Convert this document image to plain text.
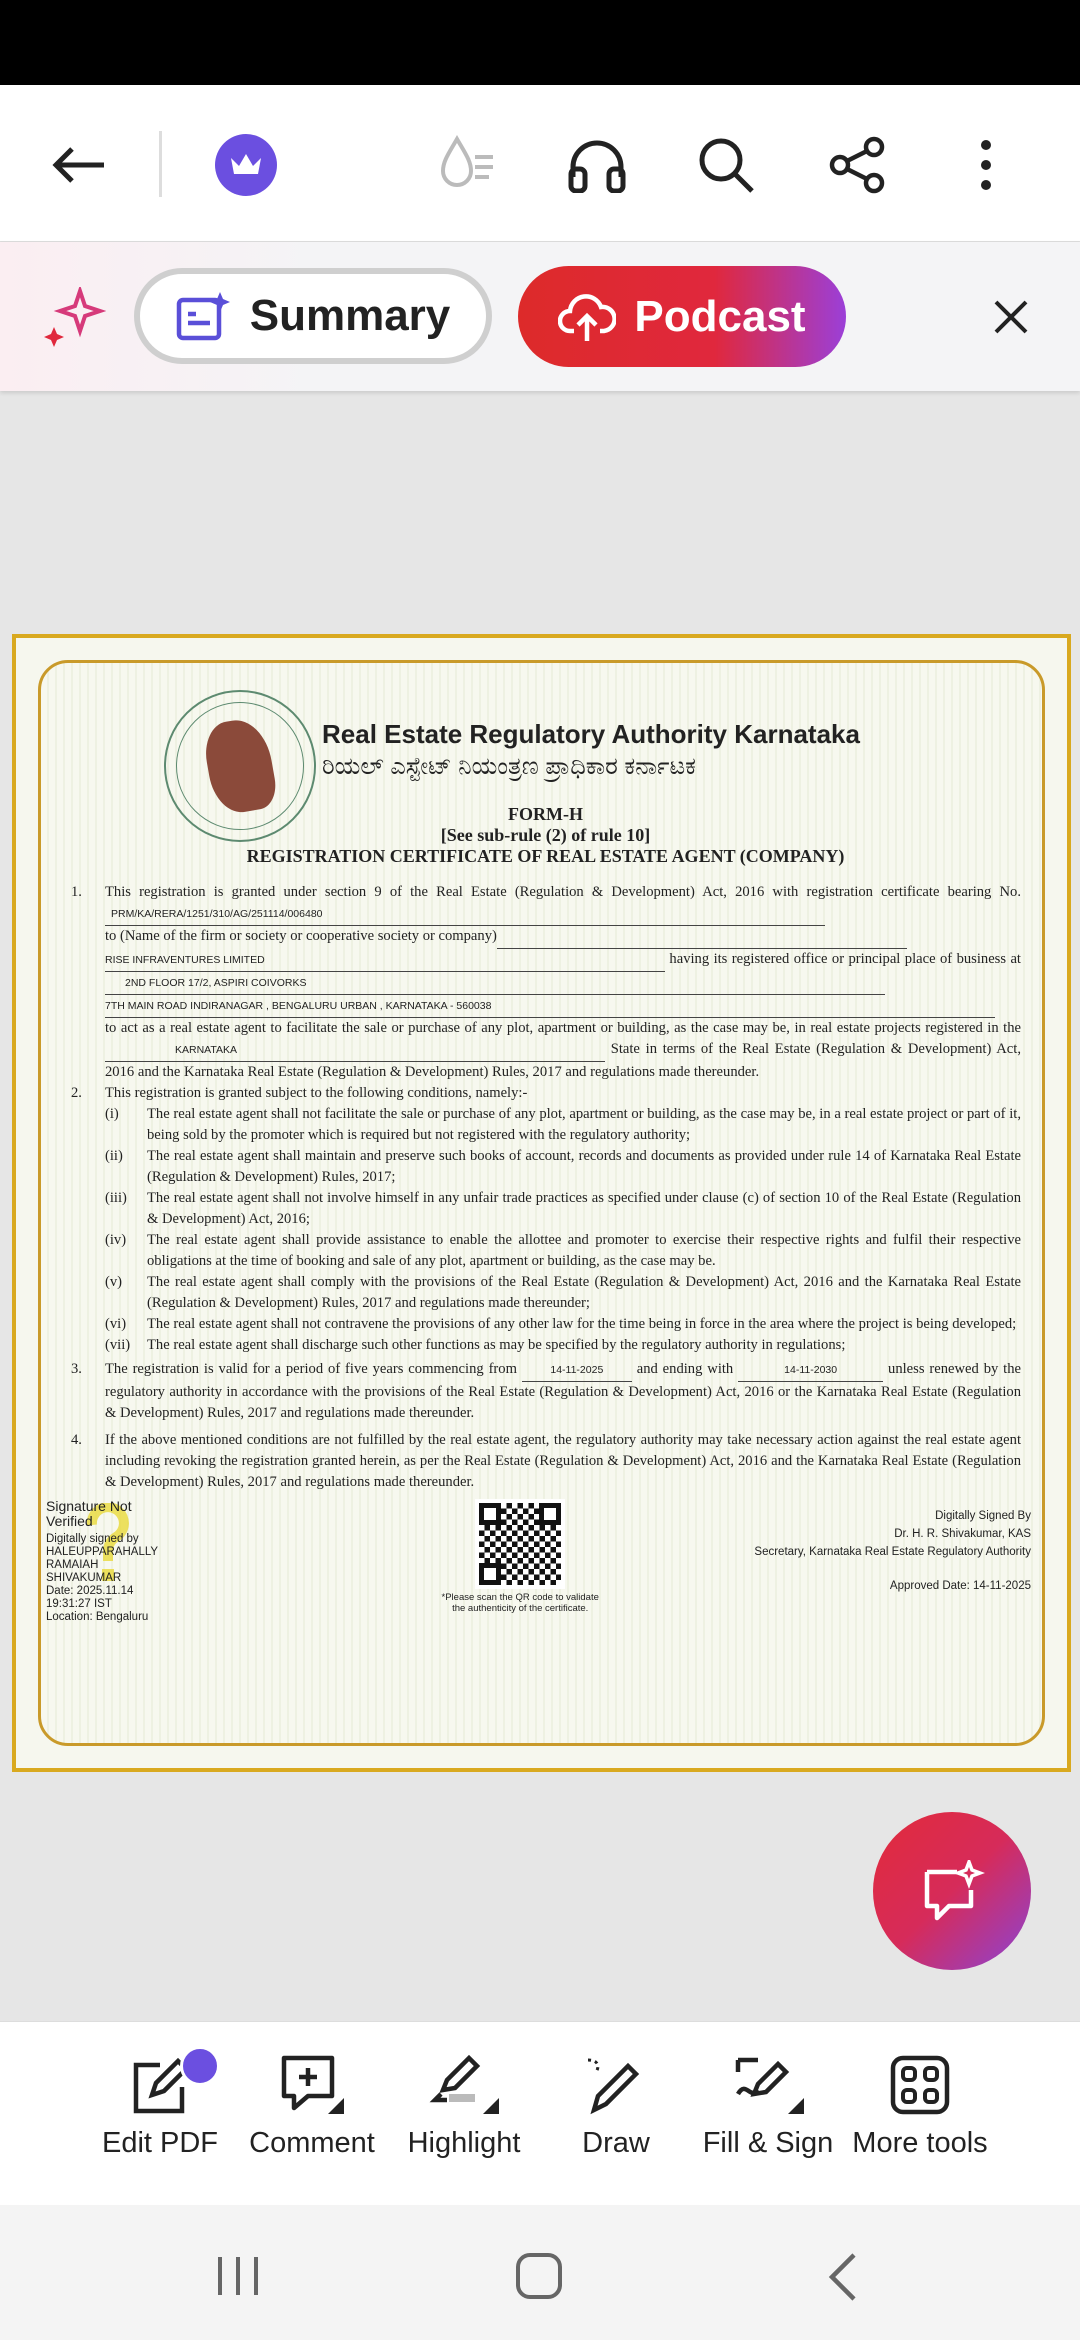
Summary	Podcast
Real Estate Regulatory Authority Karnataka
ರಿಯಲ್ ಎಸ್ಟೇಟ್ ನಿಯಂತ್ರಣ ಪ್ರಾಧಿಕಾರ ಕರ್ನಾಟಕ
FORM-H
[See sub-rule (2) of rule 10]
REGISTRATION CERTIFICATE OF REAL ESTATE AGENT (COMPANY)
1.	This registration is granted under section 9 of the Real Estate (Regulation & Development) Act, 2016 with registration certificate bearing No. PRM/KA/RERA/1251/310/AG/251114/006480
to (Name of the firm or society or cooperative society or company)
RISE INFRAVENTURES LIMITED	having its registered office or principal place of business at 2ND FLOOR 17/2, ASPIRI COIVORKS
7TH MAIN ROAD INDIRANAGAR , BENGALURU URBAN , KARNATAKA - 560038
to act as a real estate agent to facilitate the sale or purchase of any plot, apartment or building, as the case may be, in real estate projects registered in the KARNATAKA	State in terms of the Real Estate (Regulation & Development) Act, 2016 and the Karnataka Real Estate (Regulation & Development) Rules, 2017 and regulations made thereunder.
2.	This registration is granted subject to the following conditions, namely:-
(i)	The real estate agent shall not facilitate the sale or purchase of any plot, apartment or building, as the case may be, in a real estate project or part of it, being sold by the promoter which is required but not registered with the regulatory authority;
(ii)	The real estate agent shall maintain and preserve such books of account, records and documents as provided under rule 14 of Karnataka Real Estate (Regulation & Development) Rules, 2017;
(iii)	The real estate agent shall not involve himself in any unfair trade practices as specified under clause (c) of section 10 of the Real Estate (Regulation & Development) Act, 2016;
(iv)	The real estate agent shall provide assistance to enable the allottee and promoter to exercise their respective rights and fulfil their respective obligations at the time of booking and sale of any plot, apartment or building, as the case may be.
(v)	The real estate agent shall comply with the provisions of the Real Estate (Regulation & Development) Act, 2016 and the Karnataka Real Estate (Regulation & Development) Rules, 2017 and regulations made thereunder;
(vi)	The real estate agent shall not contravene the provisions of any other law for the time being in force in the area where the project is being developed;
(vii)	The real estate agent shall discharge such other functions as may be specified by the regulatory authority in regulations;
3.	The registration is valid for a period of five years commencing from	14-11-2025 and ending with	14-11-2030	unless renewed by the regulatory authority in accordance with the provisions of the Real Estate (Regulation & Development) Act, 2016 or the Karnataka Real Estate (Regulation & Development) Rules, 2017 and regulations made thereunder.
4.	If the above mentioned conditions are not fulfilled by the real estate agent, the regulatory authority may take necessary action against the real estate agent including revoking the registration granted herein, as per the Real Estate (Regulation & Development) Act, 2016 and the Karnataka Real Estate (Regulation & Development) Rules, 2017 and regulations made thereunder.
Signature Not Verified
Digitally signed by
HALEUPPARAHALLY
RAMAIAH
SHIVAKUMAR
Date: 2025.11.14
19:31:27 IST
Location: Bengaluru
*Please scan the QR code to validate the authenticity of the certificate.
Digitally Signed By
Dr. H. R. Shivakumar, KAS
Secretary, Karnataka Real Estate Regulatory Authority
Approved Date: 14-11-2025
Edit PDF	Comment	Highlight	Draw	Fill & Sign More tools
